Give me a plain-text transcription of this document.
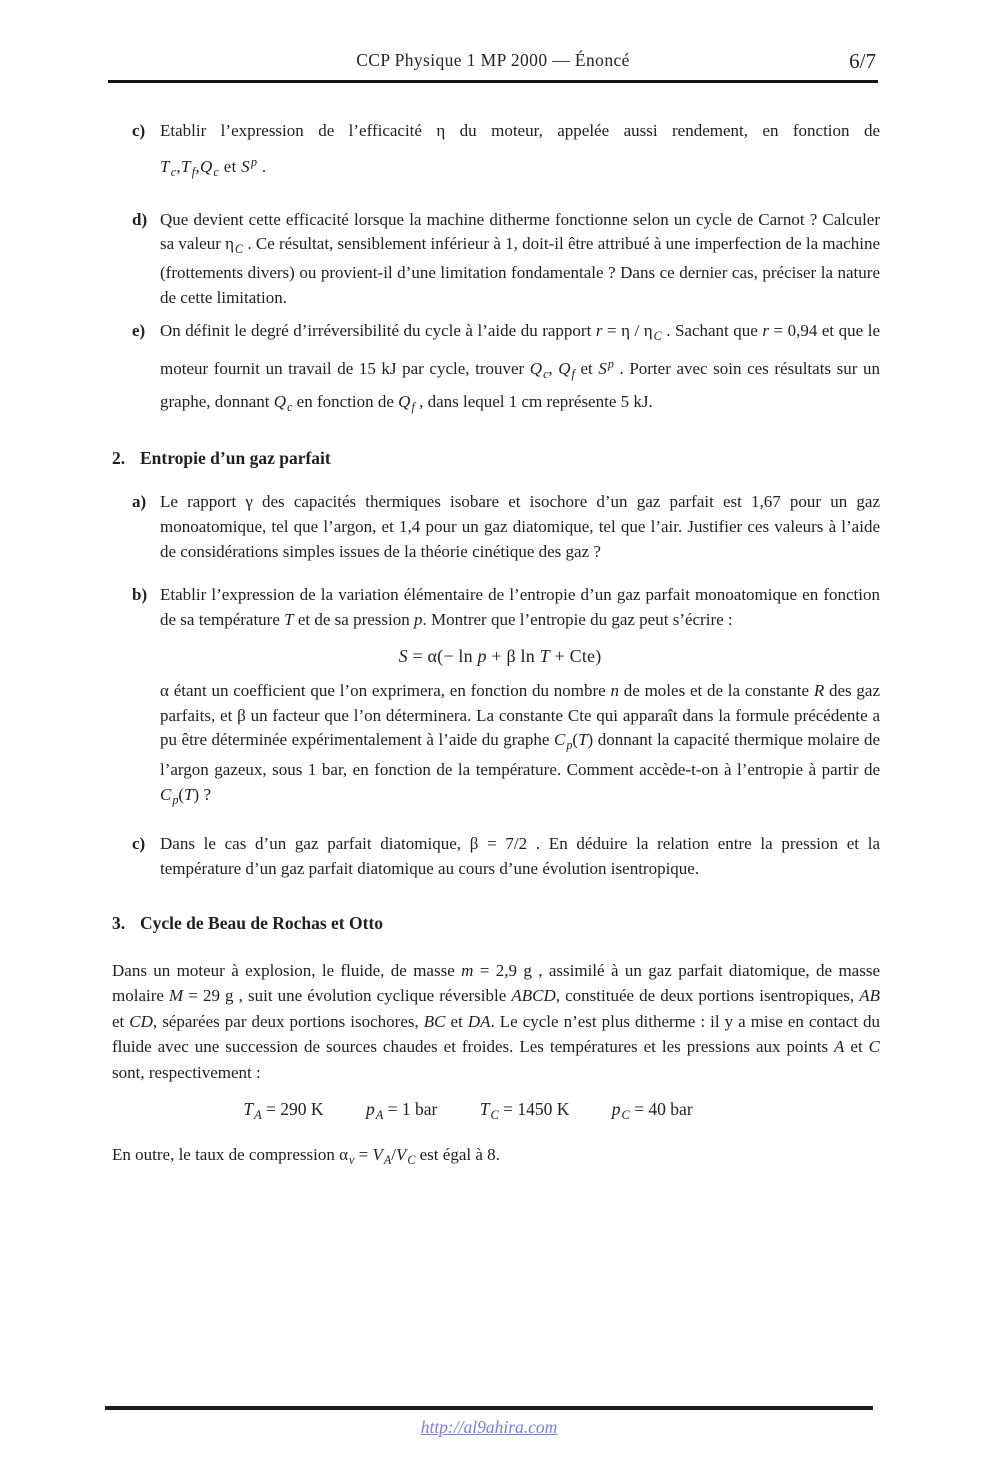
CCP Physique 1 MP 2000 — Énoncé	6/7
c) Etablir l’expression de l’efficacité η du moteur, appelée aussi rendement, en fonction de
$T_c,T_f,Q_c$ et $S^p$ .
d) Que devient cette efficacité lorsque la machine ditherme fonctionne selon un cycle de Carnot ? Calculer sa valeur $\eta_C$ . Ce résultat, sensiblement inférieur à 1, doit-il être attribué à une imperfection de la machine (frottements divers) ou provient-il d’une limitation fondamentale ? Dans ce dernier cas, préciser la nature de cette limitation.
e) On définit le degré d’irréversibilité du cycle à l’aide du rapport $r = \eta / \eta_C$ . Sachant que r = 0,94 et que le moteur fournit un travail de 15 kJ par cycle, trouver $Q_c$, $Q_f$ et $S^p$ . Porter avec soin ces résultats sur un graphe, donnant $Q_c$ en fonction de $Q_f$ , dans lequel 1 cm représente 5 kJ.
2. Entropie d’un gaz parfait
a) Le rapport γ des capacités thermiques isobare et isochore d’un gaz parfait est 1,67 pour un gaz monoatomique, tel que l’argon, et 1,4 pour un gaz diatomique, tel que l’air. Justifier ces valeurs à l’aide de considérations simples issues de la théorie cinétique des gaz ?
b) Etablir l’expression de la variation élémentaire de l’entropie d’un gaz parfait monoatomique en fonction de sa température T et de sa pression p. Montrer que l’entropie du gaz peut s’écrire :
S = α(− ln p + β ln T + Cte)
α étant un coefficient que l’on exprimera, en fonction du nombre n de moles et de la constante R des gaz parfaits, et β un facteur que l’on déterminera. La constante Cte qui apparaît dans la formule précédente a pu être déterminée expérimentalement à l’aide du graphe $C_p(T)$ donnant la capacité thermique molaire de l’argon gazeux, sous 1 bar, en fonction de la température. Comment accède-t-on à l’entropie à partir de $C_p(T)$ ?
c) Dans le cas d’un gaz parfait diatomique, β = 7/2 . En déduire la relation entre la pression et la température d’un gaz parfait diatomique au cours d’une évolution isentropique.
3. Cycle de Beau de Rochas et Otto
Dans un moteur à explosion, le fluide, de masse m = 2,9 g , assimilé à un gaz parfait diatomique, de masse molaire M = 29 g , suit une évolution cyclique réversible ABCD, constituée de deux portions isentropiques, AB et CD, séparées par deux portions isochores, BC et DA. Le cycle n’est plus ditherme : il y a mise en contact du fluide avec une succession de sources chaudes et froides. Les températures et les pressions aux points A et C sont, respectivement :
$T_A = 290$ K $p_A = 1$ bar $T_C = 1450$ K $p_C = 40$ bar
En outre, le taux de compression $\alpha_v = V_A/V_C$ est égal à 8.
http://al9ahira.com
